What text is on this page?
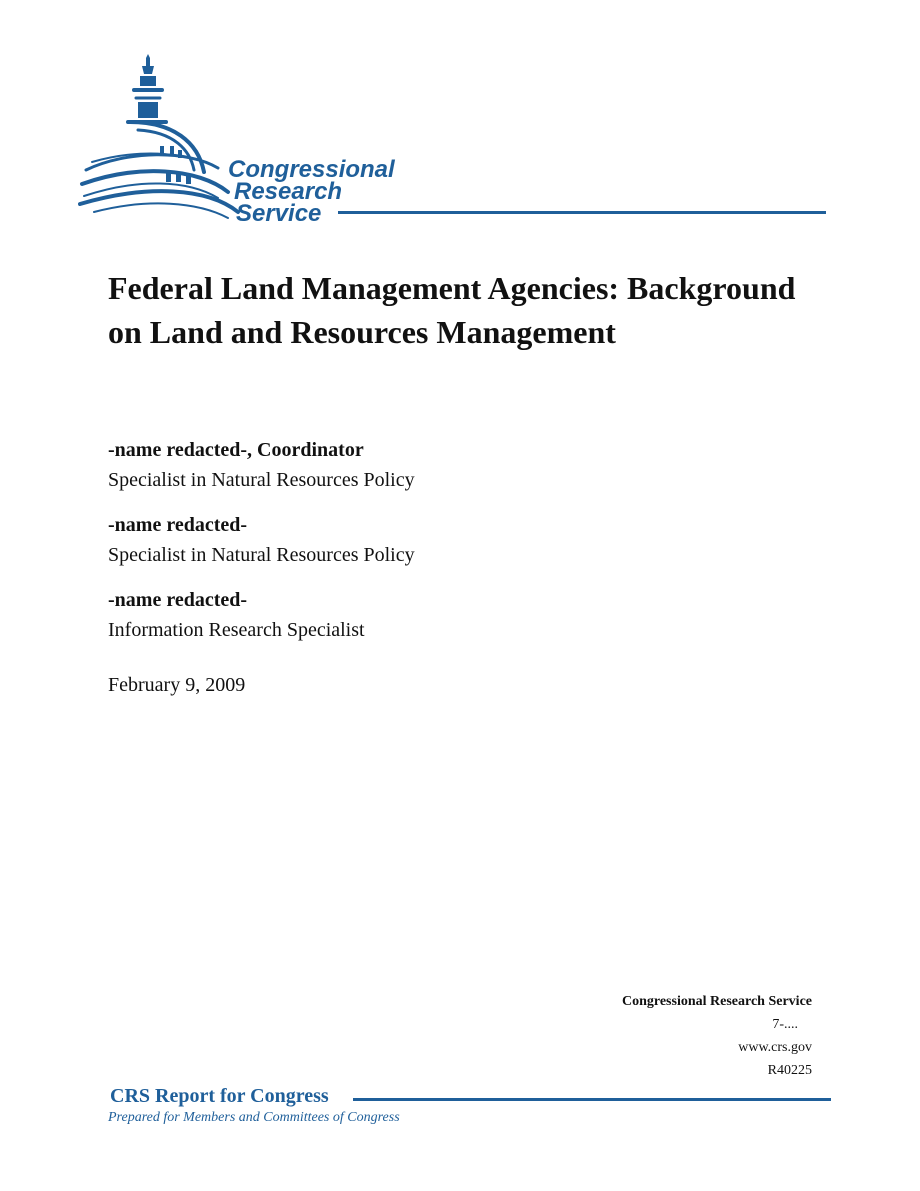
Congressional
Research
Service
Federal Land Management Agencies: Background on Land and Resources Management
-name redacted-, Coordinator
Specialist in Natural Resources Policy
-name redacted-
Specialist in Natural Resources Policy
-name redacted-
Information Research Specialist
February 9, 2009
Congressional Research Service
7-....
www.crs.gov
R40225
CRS Report for Congress
Prepared for Members and Committees of Congress
